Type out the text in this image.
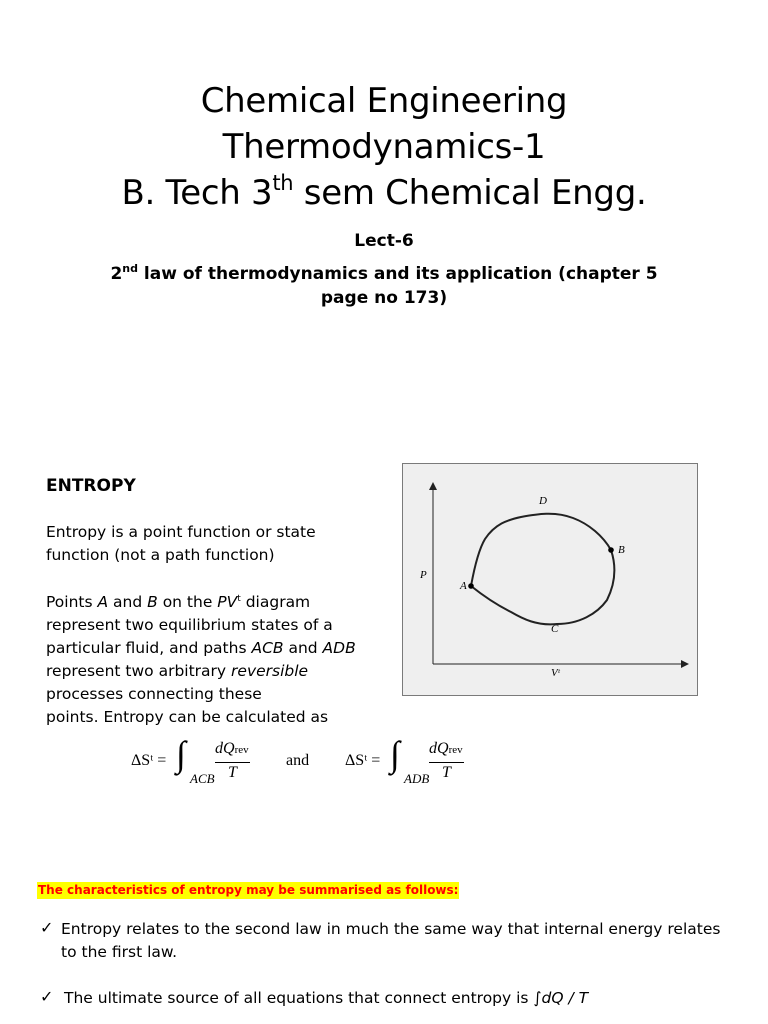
Chemical Engineering
Thermodynamics-1
B. Tech 3th sem Chemical Engg.
Lect-6
2nd law of thermodynamics and its application (chapter 5
page no 173)
ENTROPY
Entropy is a point function or state
function (not a path function)
Points A and B on the $PV^t$ diagram
represent two equilibrium states of a
particular fluid, and paths ACB and ADB
represent two arbitrary reversible
processes connecting these
points. Entropy can be calculated as
P
Vᵗ
A
B
C
D
ΔSᵗ = ∫
ACB
dQrev
T
and ΔSᵗ = ∫
ADB
dQrev
T
The characteristics of entropy may be summarised as follows:
✓ Entropy relates to the second law in much the same way that internal energy relates
to the first law.
✓ The ultimate source of all equations that connect entropy is ∫dQ / T
